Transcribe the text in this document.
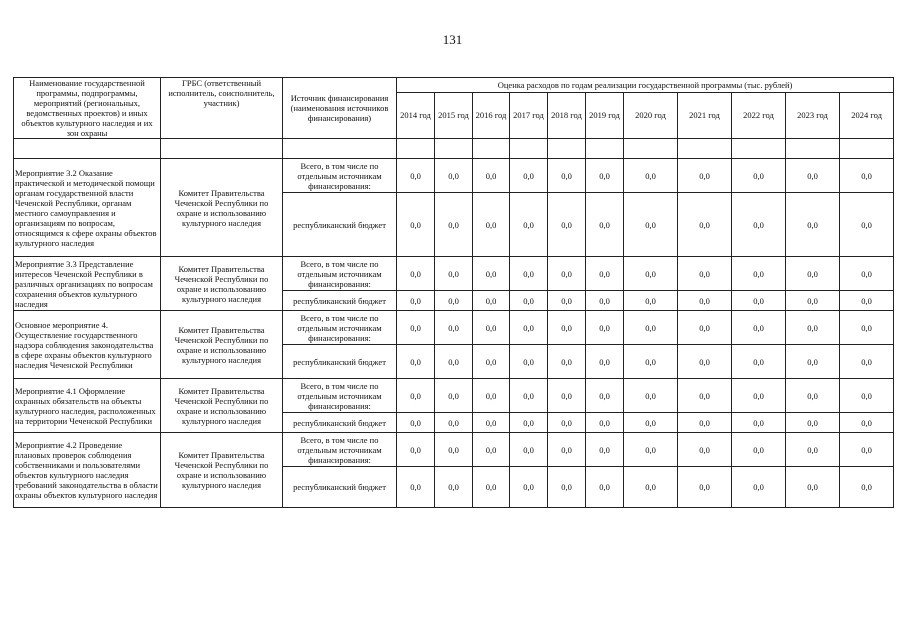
131
Наименование государственной программы, подпрограммы, мероприятий (региональных, ведомственных проектов) и иных объектов культурного наследия и их зон охраны	ГРБС (ответственный исполнитель, соисполнитель, участник)	Источник финансирования (наименования источников финансирования)	Оценка расходов по годам реализации государственной программы (тыс. рублей)										
			2014 год	2015 год	2016 год	2017 год	2018 год	2019 год	2020 год	2021 год	2022 год	2023 год	2024 год

Мероприятие 3.2 Оказание практической и методической помощи органам государственной власти Чеченской Республики, органам местного самоуправления и организациям по вопросам, относящимся к сфере охраны объектов культурного наследия	Комитет Правительства Чеченской Республики по охране и использованию культурного наследия	Всего, в том числе по отдельным источникам финансирования:	0,0	0,0	0,0	0,0	0,0	0,0	0,0	0,0	0,0	0,0	0,0
		республиканский бюджет	0,0	0,0	0,0	0,0	0,0	0,0	0,0	0,0	0,0	0,0	0,0
Мероприятие 3.3 Представление интересов Чеченской Республики в различных организациях по вопросам сохранения объектов культурного наследия	Комитет Правительства Чеченской Республики по охране и использованию культурного наследия	Всего, в том числе по отдельным источникам финансирования:	0,0	0,0	0,0	0,0	0,0	0,0	0,0	0,0	0,0	0,0	0,0
		республиканский бюджет	0,0	0,0	0,0	0,0	0,0	0,0	0,0	0,0	0,0	0,0	0,0
Основное мероприятие 4. Осуществление государственного надзора соблюдения законодательства в сфере охраны объектов культурного наследия Чеченской Республики	Комитет Правительства Чеченской Республики по охране и использованию культурного наследия	Всего, в том числе по отдельным источникам финансирования:	0,0	0,0	0,0	0,0	0,0	0,0	0,0	0,0	0,0	0,0	0,0
		республиканский бюджет	0,0	0,0	0,0	0,0	0,0	0,0	0,0	0,0	0,0	0,0	0,0
Мероприятие 4.1 Оформление охранных обязательств на объекты культурного наследия, расположенных на территории Чеченской Республики	Комитет Правительства Чеченской Республики по охране и использованию культурного наследия	Всего, в том числе по отдельным источникам финансирования:	0,0	0,0	0,0	0,0	0,0	0,0	0,0	0,0	0,0	0,0	0,0
		республиканский бюджет	0,0	0,0	0,0	0,0	0,0	0,0	0,0	0,0	0,0	0,0	0,0
Мероприятие 4.2 Проведение плановых проверок соблюдения собственниками и пользователями объектов культурного наследия требований законодательства в области охраны объектов культурного наследия	Комитет Правительства Чеченской Республики по охране и использованию культурного наследия	Всего, в том числе по отдельным источникам финансирования:	0,0	0,0	0,0	0,0	0,0	0,0	0,0	0,0	0,0	0,0	0,0
		республиканский бюджет	0,0	0,0	0,0	0,0	0,0	0,0	0,0	0,0	0,0	0,0	0,0
